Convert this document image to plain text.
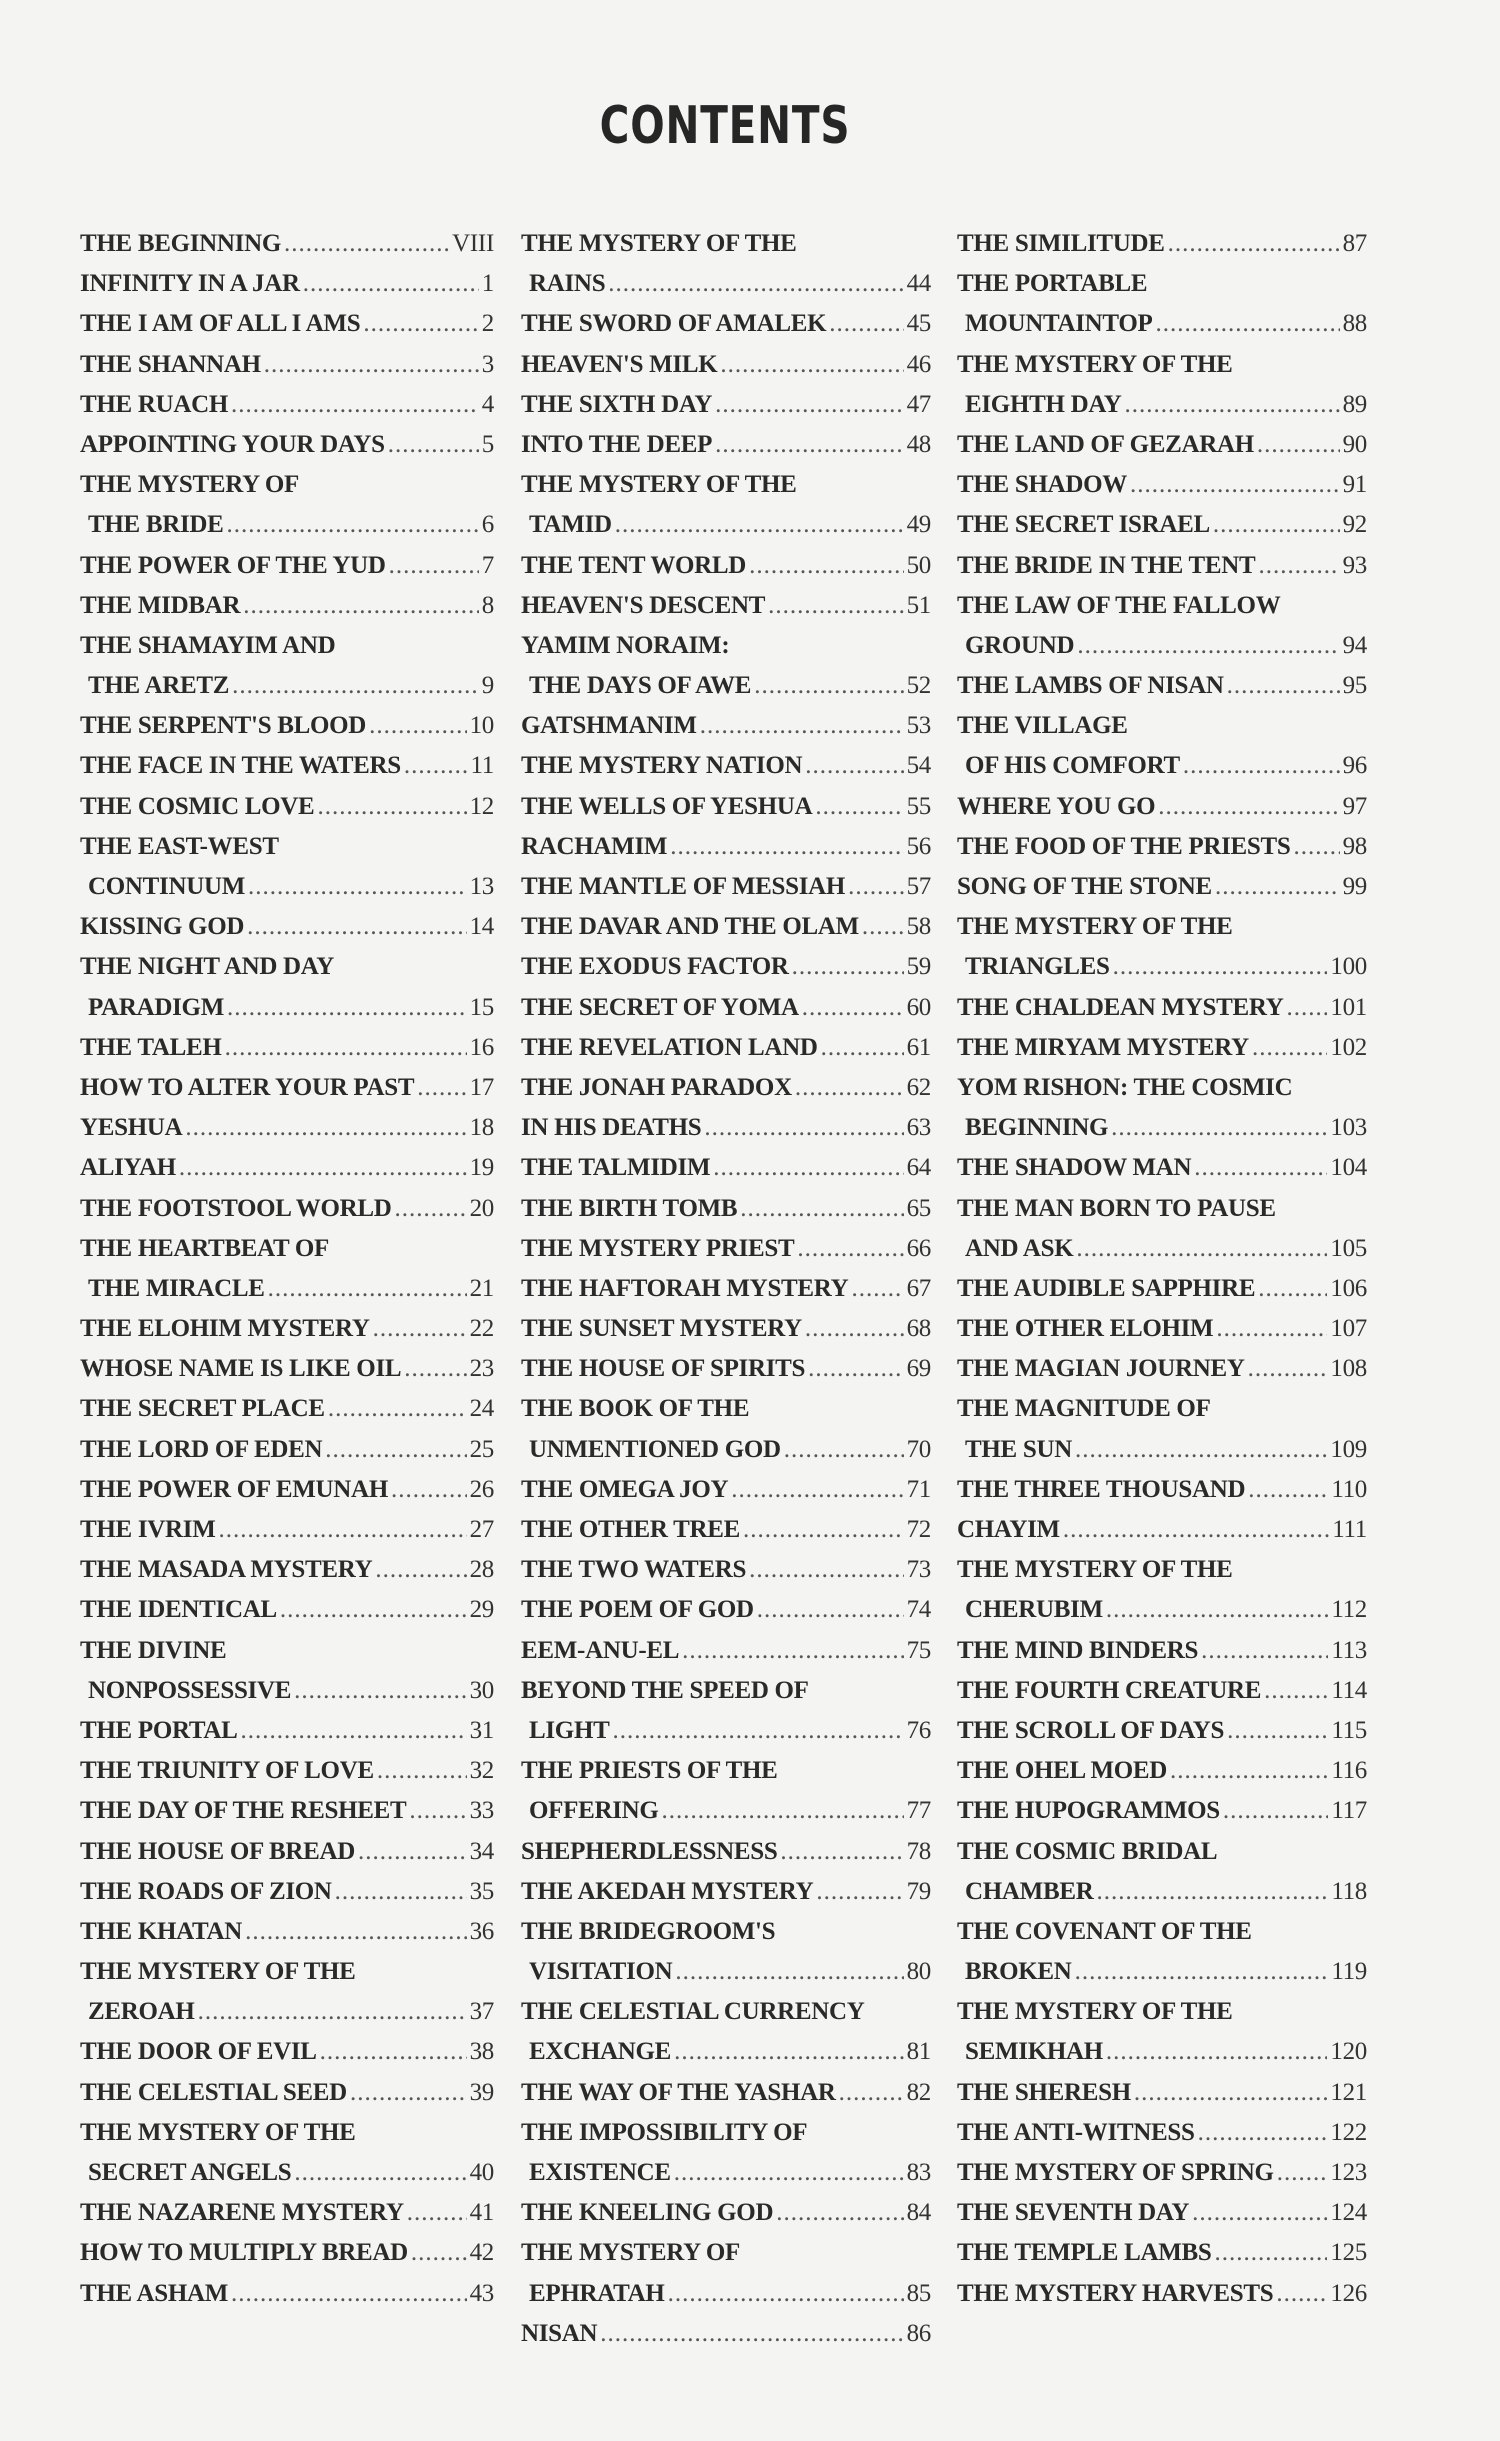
CONTENTS
THE BEGINNING .....	VIII
INFINITY IN A JAR .....	1
THE I AM OF ALL I AMS .....	2
THE SHANNAH .....	3
THE RUACH .....	4
APPOINTING YOUR DAYS .....	5
THE MYSTERY OF
THE BRIDE .....	6
THE POWER OF THE YUD .....	7
THE MIDBAR .....	8
THE SHAMAYIM AND
THE ARETZ .....	9
THE SERPENT'S BLOOD .....	10
THE FACE IN THE WATERS .....	11
THE COSMIC LOVE .....	12
THE EAST-WEST
CONTINUUM .....	13
KISSING GOD .....	14
THE NIGHT AND DAY
PARADIGM .....	15
THE TALEH .....	16
HOW TO ALTER YOUR PAST ..... 17
YESHUA .....	18
ALIYAH .....	19
THE FOOTSTOOL WORLD .....	20
THE HEARTBEAT OF
THE MIRACLE .....	21
THE ELOHIM MYSTERY .....	22
WHOSE NAME IS LIKE OIL .....	23
THE SECRET PLACE .....	24
THE LORD OF EDEN .....	25
THE POWER OF EMUNAH .....	26
THE IVRIM .....	27
THE MASADA MYSTERY .....	28
THE IDENTICAL .....	29
THE DIVINE
NONPOSSESSIVE .....	30
THE PORTAL .....	31
THE TRIUNITY OF LOVE .....	32
THE DAY OF THE RESHEET .....	33
THE HOUSE OF BREAD .....	34
THE ROADS OF ZION .....	35
THE KHATAN .....	36
THE MYSTERY OF THE
ZEROAH .....	37
THE DOOR OF EVIL .....	38
THE CELESTIAL SEED .....	39
THE MYSTERY OF THE
SECRET ANGELS .....	40
THE NAZARENE MYSTERY .....	41
HOW TO MULTIPLY BREAD ..... 42
THE ASHAM .....	43
THE MYSTERY OF THE
RAINS .....	44
THE SWORD OF AMALEK .....	45
HEAVEN'S MILK .....	46
THE SIXTH DAY .....	47
INTO THE DEEP .....	48
THE MYSTERY OF THE
TAMID .....	49
THE TENT WORLD .....	50
HEAVEN'S DESCENT .....	51
YAMIM NORAIM:
THE DAYS OF AWE .....	52
GATSHMANIM .....	53
THE MYSTERY NATION .....	54
THE WELLS OF YESHUA .....	55
RACHAMIM .....	56
THE MANTLE OF MESSIAH ..... 57
THE DAVAR AND THE OLAM ..... 58
THE EXODUS FACTOR .....	59
THE SECRET OF YOMA .....	60
THE REVELATION LAND .....	61
THE JONAH PARADOX .....	62
IN HIS DEATHS .....	63
THE TALMIDIM .....	64
THE BIRTH TOMB .....	65
THE MYSTERY PRIEST .....	66
THE HAFTORAH MYSTERY ..... 67
THE SUNSET MYSTERY .....	68
THE HOUSE OF SPIRITS .....	69
THE BOOK OF THE
UNMENTIONED GOD .....	70
THE OMEGA JOY .....	71
THE OTHER TREE .....	72
THE TWO WATERS .....	73
THE POEM OF GOD .....	74
EEM-ANU-EL .....	75
BEYOND THE SPEED OF
LIGHT .....	76
THE PRIESTS OF THE
OFFERING .....	77
SHEPHERDLESSNESS .....	78
THE AKEDAH MYSTERY .....	79
THE BRIDEGROOM'S
VISITATION .....	80
THE CELESTIAL CURRENCY
EXCHANGE .....	81
THE WAY OF THE YASHAR .....	82
THE IMPOSSIBILITY OF
EXISTENCE .....	83
THE KNEELING GOD .....	84
THE MYSTERY OF
EPHRATAH .....	85
NISAN .....	86
THE SIMILITUDE .....	87
THE PORTABLE
MOUNTAINTOP .....	88
THE MYSTERY OF THE
EIGHTH DAY .....	89
THE LAND OF GEZARAH .....	90
THE SHADOW .....	91
THE SECRET ISRAEL .....	92
THE BRIDE IN THE TENT .....	93
THE LAW OF THE FALLOW
GROUND .....	94
THE LAMBS OF NISAN .....	95
THE VILLAGE
OF HIS COMFORT .....	96
WHERE YOU GO .....	97
THE FOOD OF THE PRIESTS ..... 98
SONG OF THE STONE .....	99
THE MYSTERY OF THE
TRIANGLES .....	100
THE CHALDEAN MYSTERY ..... 101
THE MIRYAM MYSTERY .....	102
YOM RISHON: THE COSMIC
BEGINNING .....	103
THE SHADOW MAN .....	104
THE MAN BORN TO PAUSE
AND ASK .....	105
THE AUDIBLE SAPPHIRE .....	106
THE OTHER ELOHIM .....	107
THE MAGIAN JOURNEY .....	108
THE MAGNITUDE OF
THE SUN .....	109
THE THREE THOUSAND .....	110
CHAYIM .....	111
THE MYSTERY OF THE
CHERUBIM .....	112
THE MIND BINDERS .....	113
THE FOURTH CREATURE .....	114
THE SCROLL OF DAYS .....	115
THE OHEL MOED .....	116
THE HUPOGRAMMOS .....	117
THE COSMIC BRIDAL
CHAMBER .....	118
THE COVENANT OF THE
BROKEN .....	119
THE MYSTERY OF THE
SEMIKHAH .....	120
THE SHERESH .....	121
THE ANTI-WITNESS .....	122
THE MYSTERY OF SPRING ..... 123
THE SEVENTH DAY .....	124
THE TEMPLE LAMBS .....	125
THE MYSTERY HARVESTS ..... 126
